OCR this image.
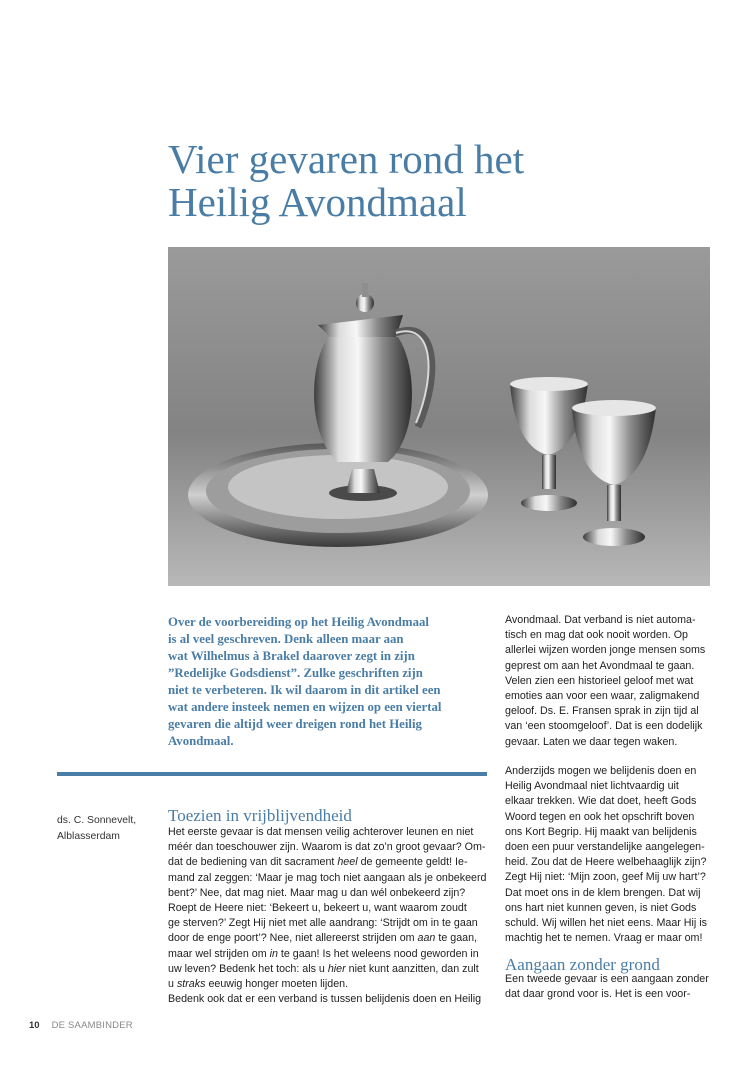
Vier gevaren rond het
Heilig Avondmaal
Over de voorbereiding op het Heilig Avondmaal
is al veel geschreven. Denk alleen maar aan
wat Wilhelmus à Brakel daarover zegt in zijn
”Redelijke Godsdienst”. Zulke geschriften zijn
niet te verbeteren. Ik wil daarom in dit artikel een
wat andere insteek nemen en wijzen op een viertal
gevaren die altijd weer dreigen rond het Heilig
Avondmaal.
ds. C. Sonnevelt,
Alblasserdam
Toezien in vrijblijvendheid
Het eerste gevaar is dat mensen veilig achterover leunen en niet
méér dan toeschouwer zijn. Waarom is dat zo’n groot gevaar? Om-
dat de bediening van dit sacrament heel de gemeente geldt! Ie-
mand zal zeggen: ‘Maar je mag toch niet aangaan als je onbekeerd
bent?’ Nee, dat mag niet. Maar mag u dan wél onbekeerd zijn?
Roept de Heere niet: ‘Bekeert u, bekeert u, want waarom zoudt
ge sterven?’ Zegt Hij niet met alle aandrang: ‘Strijdt om in te gaan
door de enge poort’? Nee, niet allereerst strijden om aan te gaan,
maar wel strijden om in te gaan! Is het weleens nood geworden in
uw leven? Bedenk het toch: als u hier niet kunt aanzitten, dan zult
u straks eeuwig honger moeten lijden.
Bedenk ook dat er een verband is tussen belijdenis doen en Heilig
Avondmaal. Dat verband is niet automa-
tisch en mag dat ook nooit worden. Op
allerlei wijzen worden jonge mensen soms
geprest om aan het Avondmaal te gaan.
Velen zien een historieel geloof met wat
emoties aan voor een waar, zaligmakend
geloof. Ds. E. Fransen sprak in zijn tijd al
van ‘een stoomgeloof’. Dat is een dodelijk
gevaar. Laten we daar tegen waken.
Anderzijds mogen we belijdenis doen en
Heilig Avondmaal niet lichtvaardig uit
elkaar trekken. Wie dat doet, heeft Gods
Woord tegen en ook het opschrift boven
ons Kort Begrip. Hij maakt van belijdenis
doen een puur verstandelijke aangelegen-
heid. Zou dat de Heere welbehaaglijk zijn?
Zegt Hij niet: ‘Mijn zoon, geef Mij uw hart’?
Dat moet ons in de klem brengen. Dat wij
ons hart niet kunnen geven, is niet Gods
schuld. Wij willen het niet eens. Maar Hij is
machtig het te nemen. Vraag er maar om!
Aangaan zonder grond
Een tweede gevaar is een aangaan zonder
dat daar grond voor is. Het is een voor-
10 DE SAAMBINDER
